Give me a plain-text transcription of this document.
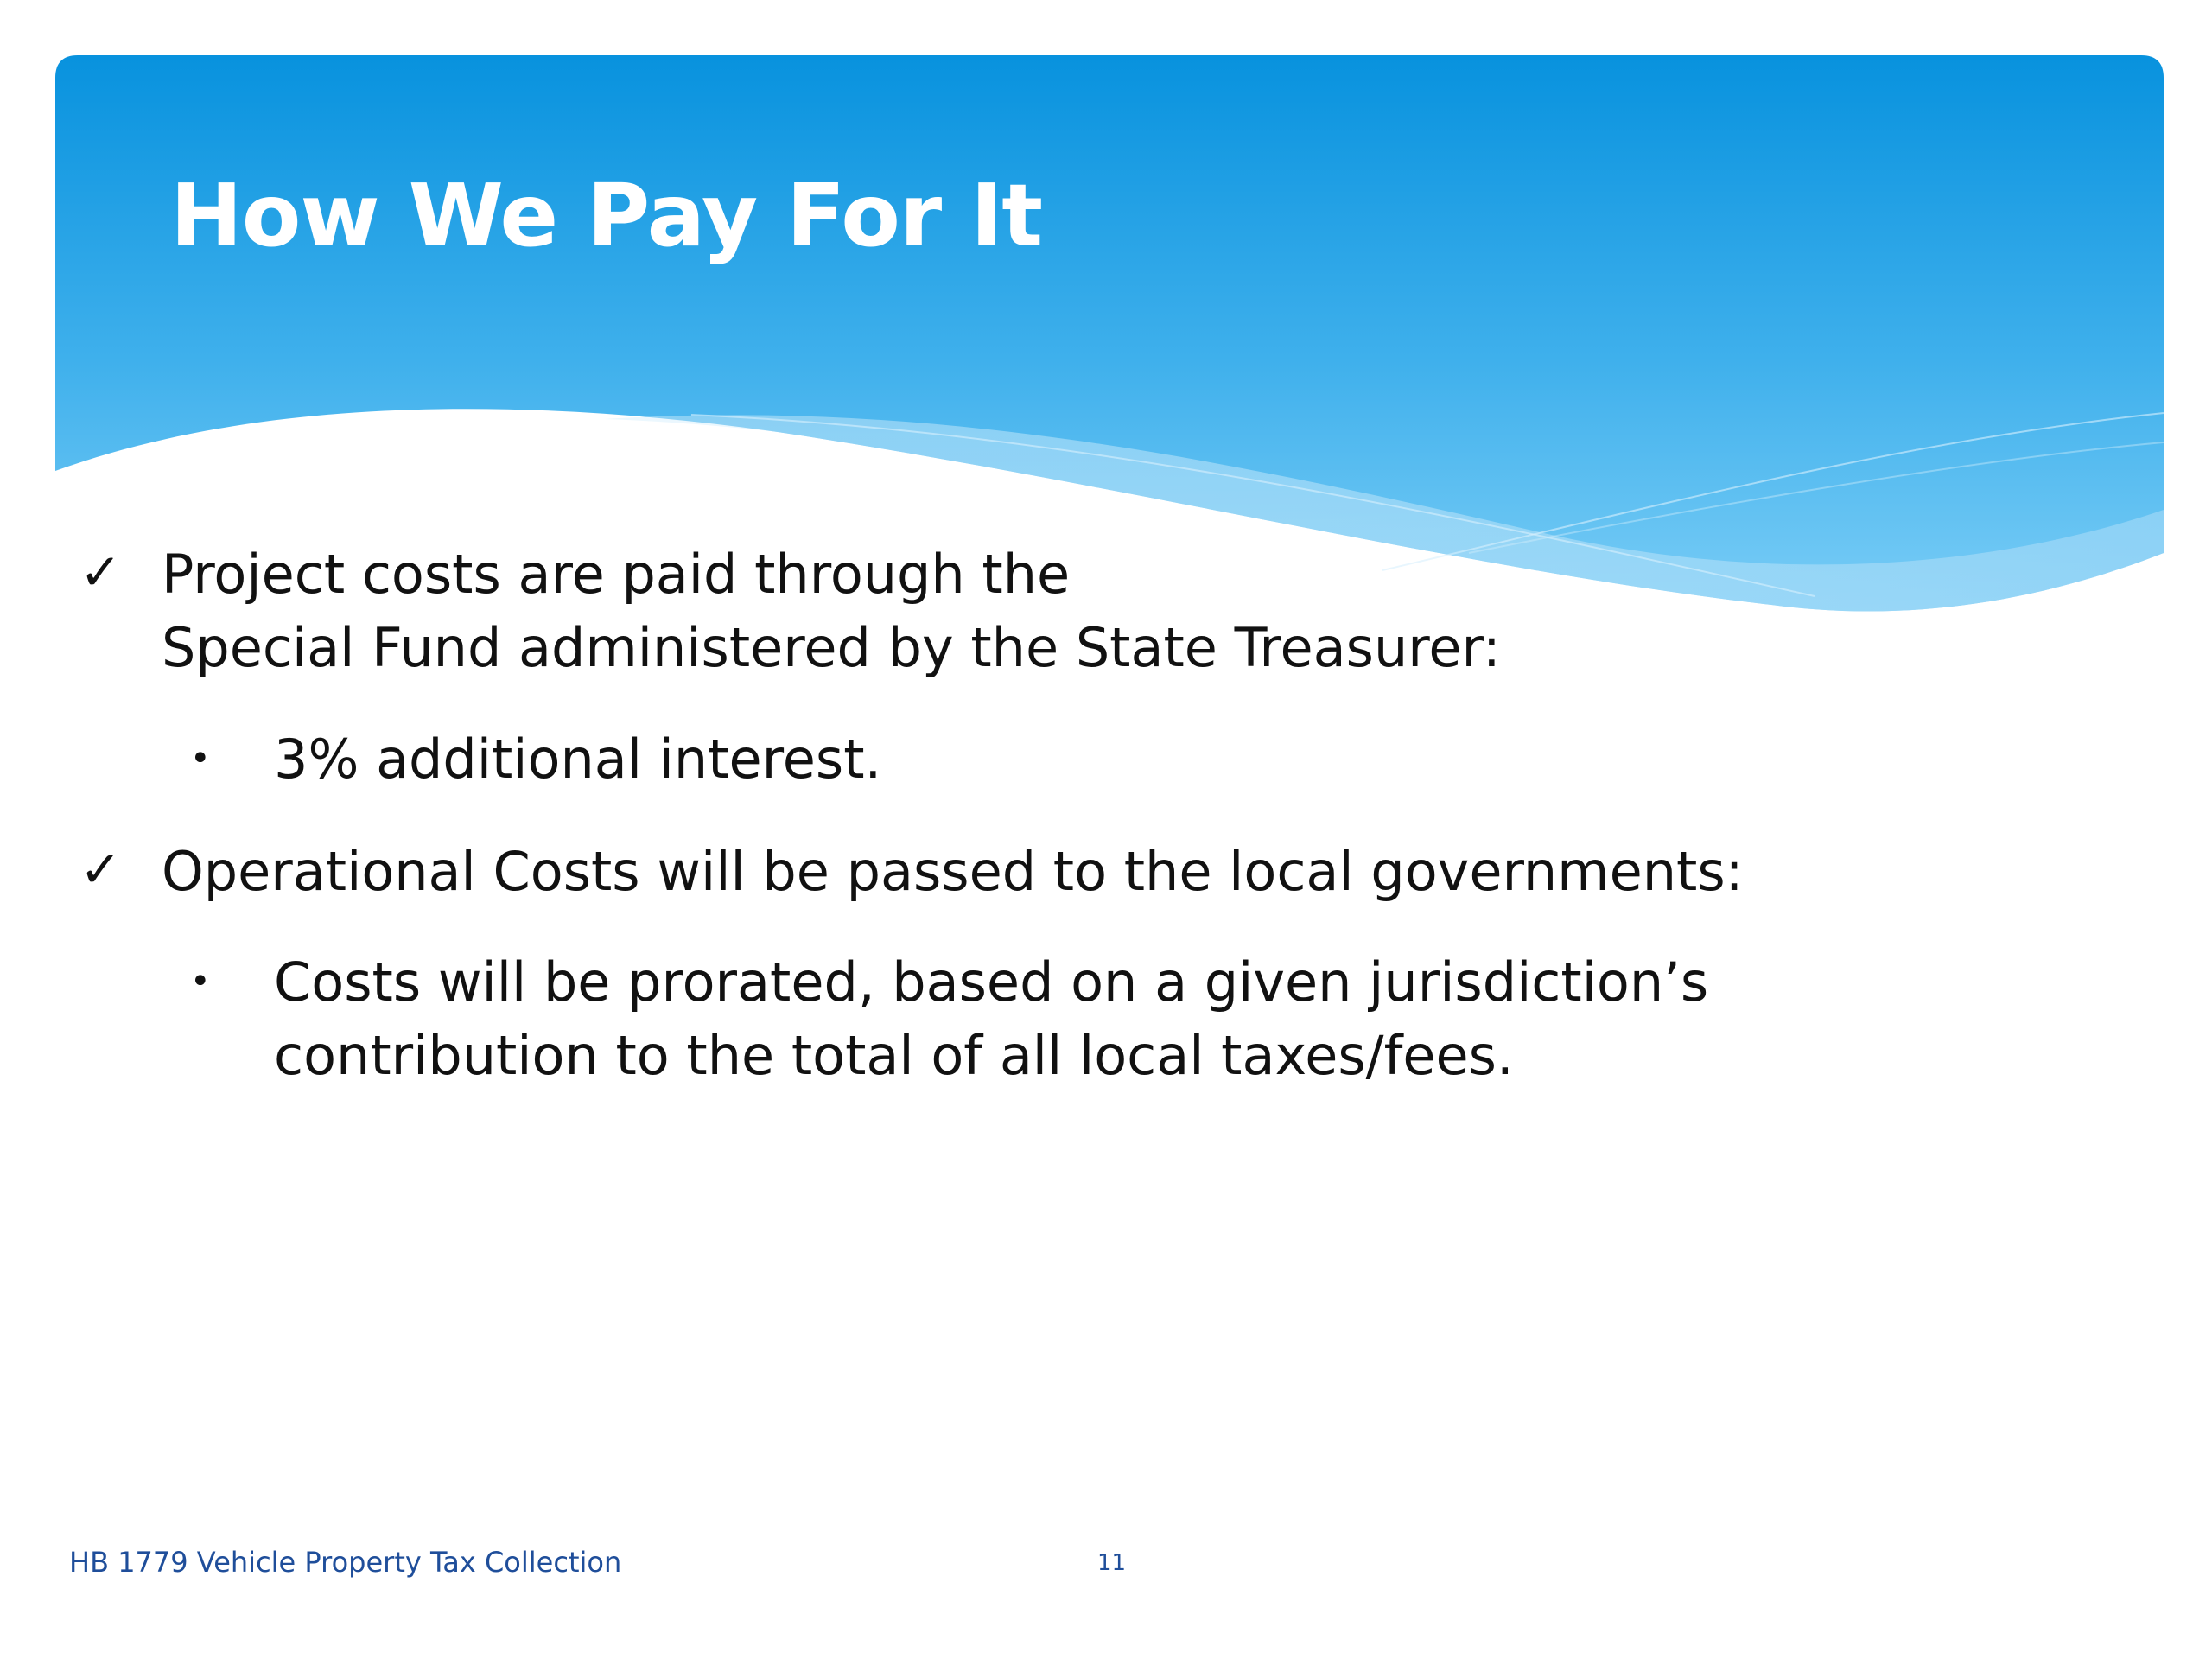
How We Pay For It
✓ Project costs are paid through the
Special Fund administered by the State Treasurer:
• 3% additional interest.
✓ Operational Costs will be passed to the local governments:
• Costs will be prorated, based on a given jurisdiction’s
contribution to the total of all local taxes/fees.
HB 1779 Vehicle Property Tax Collection	11
